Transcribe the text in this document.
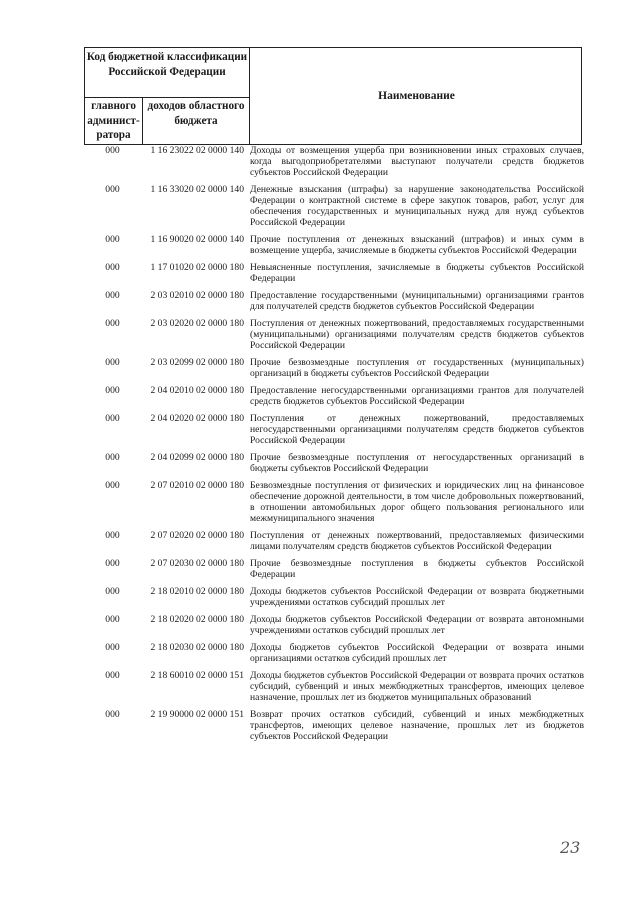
Код бюджетной классификации Российской Федерации
главного админист-ратора
доходов областного бюджета
Наименование
000	1 16 23022 02 0000 140 Доходы от возмещения ущерба при возникновении иных страховых случаев, когда выгодоприобретателями выступают получатели средств бюджетов субъектов Российской Федерации
000	1 16 33020 02 0000 140 Денежные взыскания (штрафы) за нарушение законодательства Российской Федерации о контрактной системе в сфере закупок товаров, работ, услуг для обеспечения государственных и муниципальных нужд для нужд субъектов Российской Федерации
000	1 16 90020 02 0000 140 Прочие поступления от денежных взысканий (штрафов) и иных сумм в возмещение ущерба, зачисляемые в бюджеты субъектов Российской Федерации
000	1 17 01020 02 0000 180 Невыясненные поступления, зачисляемые в бюджеты субъектов Российской Федерации
000	2 03 02010 02 0000 180 Предоставление государственными (муниципальными) организациями грантов для получателей средств бюджетов субъектов Российской Федерации
000	2 03 02020 02 0000 180 Поступления от денежных пожертвований, предоставляемых государственными (муниципальными) организациями получателям средств бюджетов субъектов Российской Федерации
000	2 03 02099 02 0000 180 Прочие безвозмездные поступления от государственных (муниципальных) организаций в бюджеты субъектов Российской Федерации
000	2 04 02010 02 0000 180 Предоставление негосударственными организациями грантов для получателей средств бюджетов субъектов Российской Федерации
000	2 04 02020 02 0000 180 Поступления от денежных пожертвований, предоставляемых негосударственными организациями получателям средств бюджетов субъектов Российской Федерации
000	2 04 02099 02 0000 180 Прочие безвозмездные поступления от негосударственных организаций в бюджеты субъектов Российской Федерации
000	2 07 02010 02 0000 180 Безвозмездные поступления от физических и юридических лиц на финансовое обеспечение дорожной деятельности, в том числе добровольных пожертвований, в отношении автомобильных дорог общего пользования регионального или межмуниципального значения
000	2 07 02020 02 0000 180 Поступления от денежных пожертвований, предоставляемых физическими лицами получателям средств бюджетов субъектов Российской Федерации
000	2 07 02030 02 0000 180 Прочие безвозмездные поступления в бюджеты субъектов Российской Федерации
000	2 18 02010 02 0000 180 Доходы бюджетов субъектов Российской Федерации от возврата бюджетными учреждениями остатков субсидий прошлых лет
000	2 18 02020 02 0000 180 Доходы бюджетов субъектов Российской Федерации от возврата автономными учреждениями остатков субсидий прошлых лет
000	2 18 02030 02 0000 180 Доходы бюджетов субъектов Российской Федерации от возврата иными организациями остатков субсидий прошлых лет
000	2 18 60010 02 0000 151 Доходы бюджетов субъектов Российской Федерации от возврата прочих остатков субсидий, субвенций и иных межбюджетных трансфертов, имеющих целевое назначение, прошлых лет из бюджетов муниципальных образований
000	2 19 90000 02 0000 151 Возврат прочих остатков субсидий, субвенций и иных межбюджетных трансфертов, имеющих целевое назначение, прошлых лет из бюджетов субъектов Российской Федерации
23
